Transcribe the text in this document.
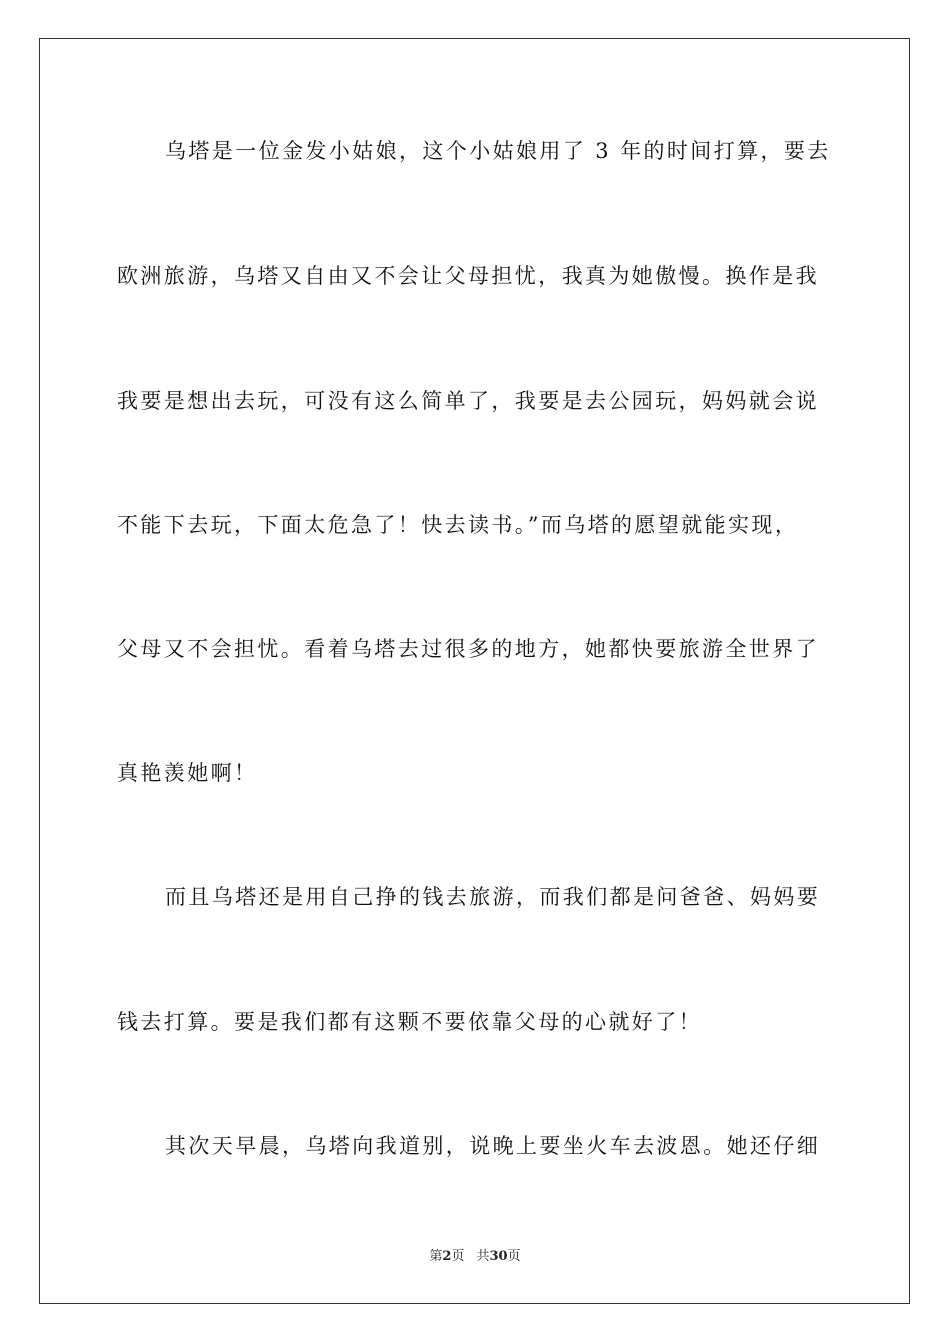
乌塔是一位金发小姑娘，这个小姑娘用了 3 年的时间打算，要去
欧洲旅游，乌塔又自由又不会让父母担忧，我真为她傲慢。换作是我
我要是想出去玩，可没有这么简单了，我要是去公园玩，妈妈就会说
不能下去玩，下面太危急了！快去读书。”而乌塔的愿望就能实现，
父母又不会担忧。看着乌塔去过很多的地方，她都快要旅游全世界了
真艳羡她啊！
而且乌塔还是用自己挣的钱去旅游，而我们都是问爸爸、妈妈要
钱去打算。要是我们都有这颗不要依靠父母的心就好了！
其次天早晨，乌塔向我道别，说晚上要坐火车去波恩。她还仔细
第2页 共30页
